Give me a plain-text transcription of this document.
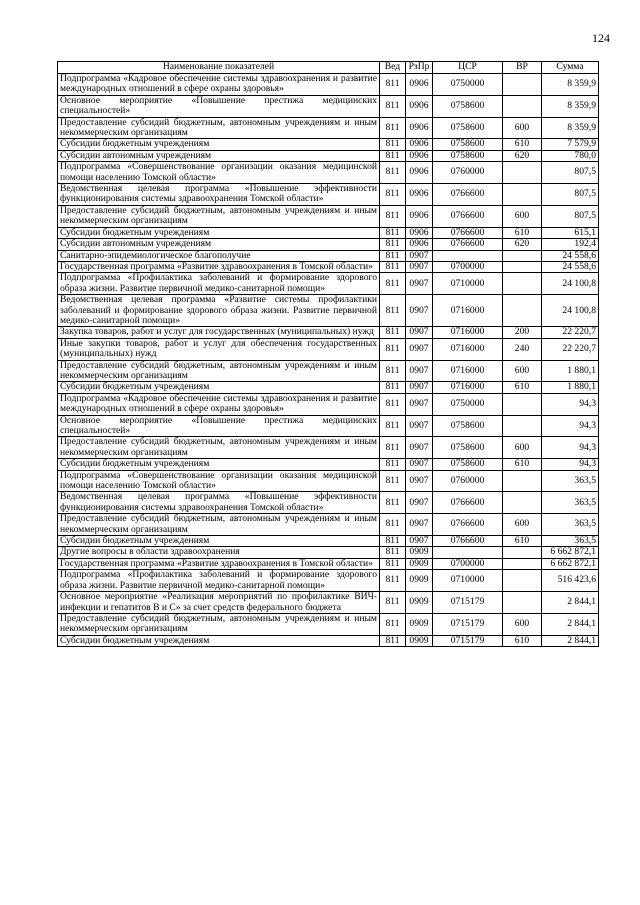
124
Наименование показателей	Вед	РзПр	ЦСР	ВР	Сумма
Подпрограмма «Кадровое обеспечение системы здравоохранения и развитие международных отношений в сфере охраны здоровья»	811	0906	0750000		8 359,9
Основное мероприятие «Повышение престижа медицинских специальностей»	811	0906	0758600		8 359,9
Предоставление субсидий бюджетным, автономным учреждениям и иным некоммерческим организациям	811	0906	0758600	600	8 359,9
Субсидии бюджетным учреждениям	811	0906	0758600	610	7 579,9
Субсидии автономным учреждениям	811	0906	0758600	620	780,0
Подпрограмма «Совершенствование организации оказания медицинской помощи населению Томской области»	811	0906	0760000		807,5
Ведомственная целевая программа «Повышение эффективности функционирования системы здравоохранения Томской области»	811	0906	0766600		807,5
Предоставление субсидий бюджетным, автономным учреждениям и иным некоммерческим организациям	811	0906	0766600	600	807,5
Субсидии бюджетным учреждениям	811	0906	0766600	610	615,1
Субсидии автономным учреждениям	811	0906	0766600	620	192,4
Санитарно-эпидемиологическое благополучие	811	0907			24 558,6
Государственная программа «Развитие здравоохранения в Томской области»	811	0907	0700000		24 558,6
Подпрограмма «Профилактика заболеваний и формирование здорового образа жизни. Развитие первичной медико-санитарной помощи»	811	0907	0710000		24 100,8
Ведомственная целевая программа «Развитие системы профилактики заболеваний и формирование здорового образа жизни. Развитие первичной медико-санитарной помощи»	811	0907	0716000		24 100,8
Закупка товаров, работ и услуг для государственных (муниципальных) нужд	811	0907	0716000	200	22 220,7
Иные закупки товаров, работ и услуг для обеспечения государственных (муниципальных) нужд	811	0907	0716000	240	22 220,7
Предоставление субсидий бюджетным, автономным учреждениям и иным некоммерческим организациям	811	0907	0716000	600	1 880,1
Субсидии бюджетным учреждениям	811	0907	0716000	610	1 880,1
Подпрограмма «Кадровое обеспечение системы здравоохранения и развитие международных отношений в сфере охраны здоровья»	811	0907	0750000		94,3
Основное мероприятие «Повышение престижа медицинских специальностей»	811	0907	0758600		94,3
Предоставление субсидий бюджетным, автономным учреждениям и иным некоммерческим организациям	811	0907	0758600	600	94,3
Субсидии бюджетным учреждениям	811	0907	0758600	610	94,3
Подпрограмма «Совершенствование организации оказания медицинской помощи населению Томской области»	811	0907	0760000		363,5
Ведомственная целевая программа «Повышение эффективности функционирования системы здравоохранения Томской области»	811	0907	0766600		363,5
Предоставление субсидий бюджетным, автономным учреждениям и иным некоммерческим организациям	811	0907	0766600	600	363,5
Субсидии бюджетным учреждениям	811	0907	0766600	610	363,5
Другие вопросы в области здравоохранения	811	0909			6 662 872,1
Государственная программа «Развитие здравоохранения в Томской области»	811	0909	0700000		6 662 872,1
Подпрограмма «Профилактика заболеваний и формирование здорового образа жизни. Развитие первичной медико-санитарной помощи»	811	0909	0710000		516 423,6
Основное мероприятие «Реализация мероприятий по профилактике ВИЧ-инфекции и гепатитов В и С» за счет средств федерального бюджета	811	0909	0715179		2 844,1
Предоставление субсидий бюджетным, автономным учреждениям и иным некоммерческим организациям	811	0909	0715179	600	2 844,1
Субсидии бюджетным учреждениям	811	0909	0715179	610	2 844,1
